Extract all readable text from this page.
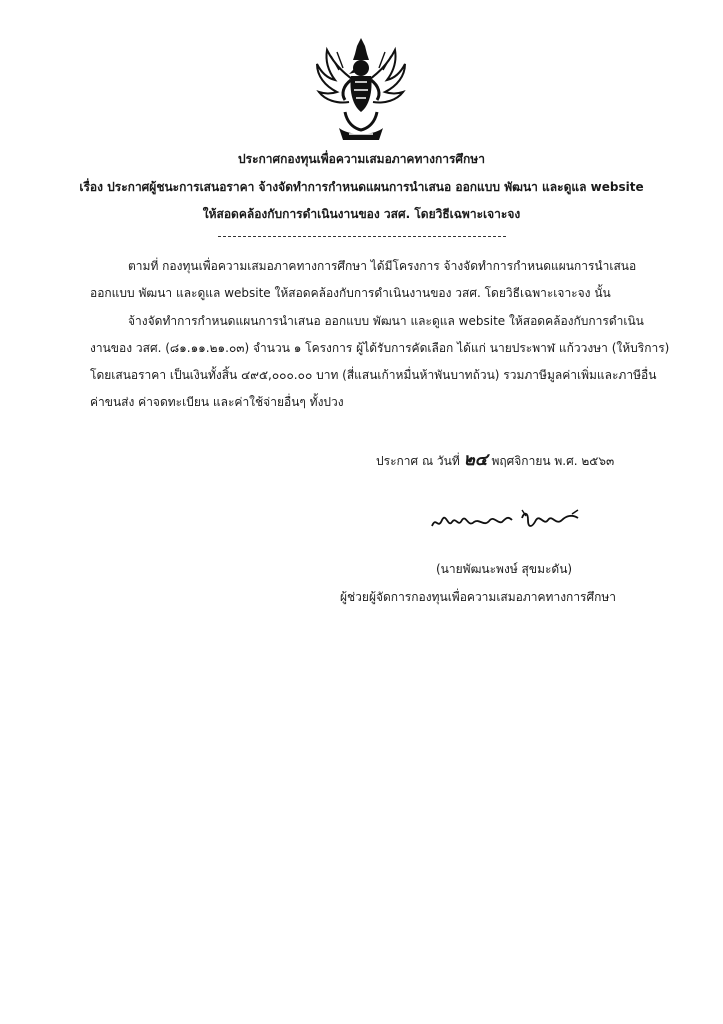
ประกาศกองทุนเพื่อความเสมอภาคทางการศึกษา
เรื่อง ประกาศผู้ชนะการเสนอราคา จ้างจัดทำการกำหนดแผนการนำเสนอ ออกแบบ พัฒนา และดูแล website
ให้สอดคล้องกับการดำเนินงานของ วสศ. โดยวิธีเฉพาะเจาะจง
ตามที่ กองทุนเพื่อความเสมอภาคทางการศึกษา ได้มีโครงการ จ้างจัดทำการกำหนดแผนการนำเสนอ
ออกแบบ พัฒนา และดูแล website ให้สอดคล้องกับการดำเนินงานของ วสศ. โดยวิธีเฉพาะเจาะจง นั้น
จ้างจัดทำการกำหนดแผนการนำเสนอ ออกแบบ พัฒนา และดูแล website ให้สอดคล้องกับการดำเนิน
งานของ วสศ. (๘๑.๑๑.๒๑.๐๓) จำนวน ๑ โครงการ ผู้ได้รับการคัดเลือก ได้แก่ นายประพาฬ แก้ววงษา (ให้บริการ)
โดยเสนอราคา เป็นเงินทั้งสิ้น ๔๙๕,๐๐๐.๐๐ บาท (สี่แสนเก้าหมื่นห้าพันบาทถ้วน) รวมภาษีมูลค่าเพิ่มและภาษีอื่น
ค่าขนส่ง ค่าจดทะเบียน และค่าใช้จ่ายอื่นๆ ทั้งปวง
ประกาศ ณ วันที่ ๒๔ พฤศจิกายน พ.ศ. ๒๕๖๓
(นายพัฒนะพงษ์ สุขมะดัน)
ผู้ช่วยผู้จัดการกองทุนเพื่อความเสมอภาคทางการศึกษา
